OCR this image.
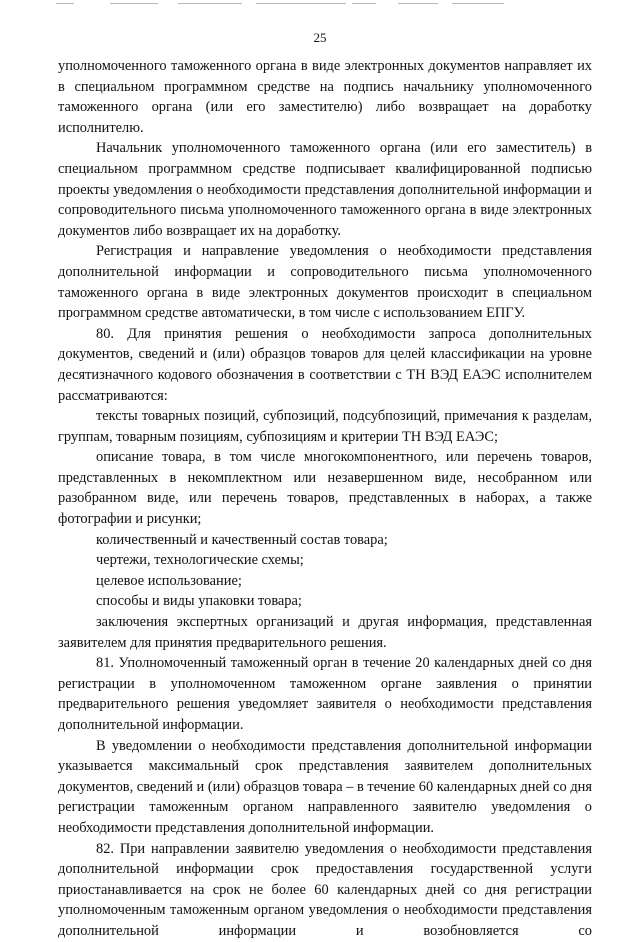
25

уполномоченного таможенного органа в виде электронных документов направляет их в специальном программном средстве на подпись начальнику уполномоченного таможенного органа (или его заместителю) либо возвращает на доработку исполнителю.

Начальник уполномоченного таможенного органа (или его заместитель) в специальном программном средстве подписывает квалифицированной подписью проекты уведомления о необходимости представления дополнительной информации и сопроводительного письма уполномоченного таможенного органа в виде электронных документов либо возвращает их на доработку.

Регистрация и направление уведомления о необходимости представления дополнительной информации и сопроводительного письма уполномоченного таможенного органа в виде электронных документов происходит в специальном программном средстве автоматически, в том числе с использованием ЕПГУ.

80. Для принятия решения о необходимости запроса дополнительных документов, сведений и (или) образцов товаров для целей классификации на уровне десятизначного кодового обозначения в соответствии с ТН ВЭД ЕАЭС исполнителем рассматриваются:

тексты товарных позиций, субпозиций, подсубпозиций, примечания к разделам, группам, товарным позициям, субпозициям и критерии ТН ВЭД ЕАЭС;

описание товара, в том числе многокомпонентного, или перечень товаров, представленных в некомплектном или незавершенном виде, несобранном или разобранном виде, или перечень товаров, представленных в наборах, а также фотографии и рисунки;

количественный и качественный состав товара;

чертежи, технологические схемы;

целевое использование;

способы и виды упаковки товара;

заключения экспертных организаций и другая информация, представленная заявителем для принятия предварительного решения.

81. Уполномоченный таможенный орган в течение 20 календарных дней со дня регистрации в уполномоченном таможенном органе заявления о принятии предварительного решения уведомляет заявителя о необходимости представления дополнительной информации.

В уведомлении о необходимости представления дополнительной информации указывается максимальный срок представления заявителем дополнительных документов, сведений и (или) образцов товара – в течение 60 календарных дней со дня регистрации таможенным органом направленного заявителю уведомления о необходимости представления дополнительной информации.

82. При направлении заявителю уведомления о необходимости представления дополнительной информации срок предоставления государственной услуги приостанавливается на срок не более 60 календарных дней со дня регистрации уполномоченным таможенным органом уведомления о необходимости представления дополнительной информации и возобновляется со
